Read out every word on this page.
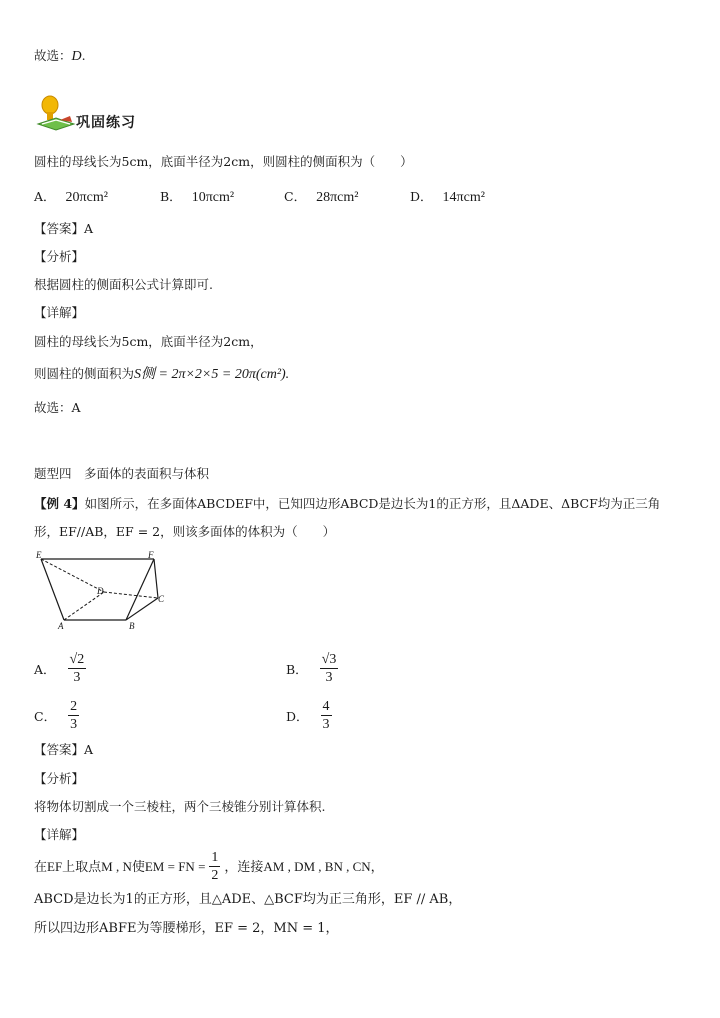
故选：D.
巩固练习
圆柱的母线长为5cm，底面半径为2cm，则圆柱的侧面积为（　　）
A． 20πcm²	B． 10πcm²	C． 28πcm²	D． 14πcm²
【答案】A
【分析】
根据圆柱的侧面积公式计算即可.
【详解】
圆柱的母线长为5cm，底面半径为2cm，
则圆柱的侧面积为S侧 = 2π×2×5 = 20π(cm²).
故选：A
题型四　多面体的表面积与体积
【例 4】如图所示，在多面体ABCDEF中，已知四边形ABCD是边长为1的正方形，且ΔADE、ΔBCF均为正三角
形，EF//AB，EF = 2，则该多面体的体积为（　　）
E	F
D
C
A	B
A． $\frac{√2}{3}$	B． $\frac{√3}{3}$
C． $\frac{2}{3}$	D． $\frac{4}{3}$
【答案】A
【分析】
将物体切割成一个三棱柱，两个三棱锥分别计算体积.
【详解】
在EF上取点M , N使EM = FN = $\frac{1}{2}$ ，连接AM , DM , BN , CN，
ABCD是边长为1的正方形，且△ADE、△BCF均为正三角形，EF // AB，
所以四边形ABFE为等腰梯形，EF = 2，MN = 1，
